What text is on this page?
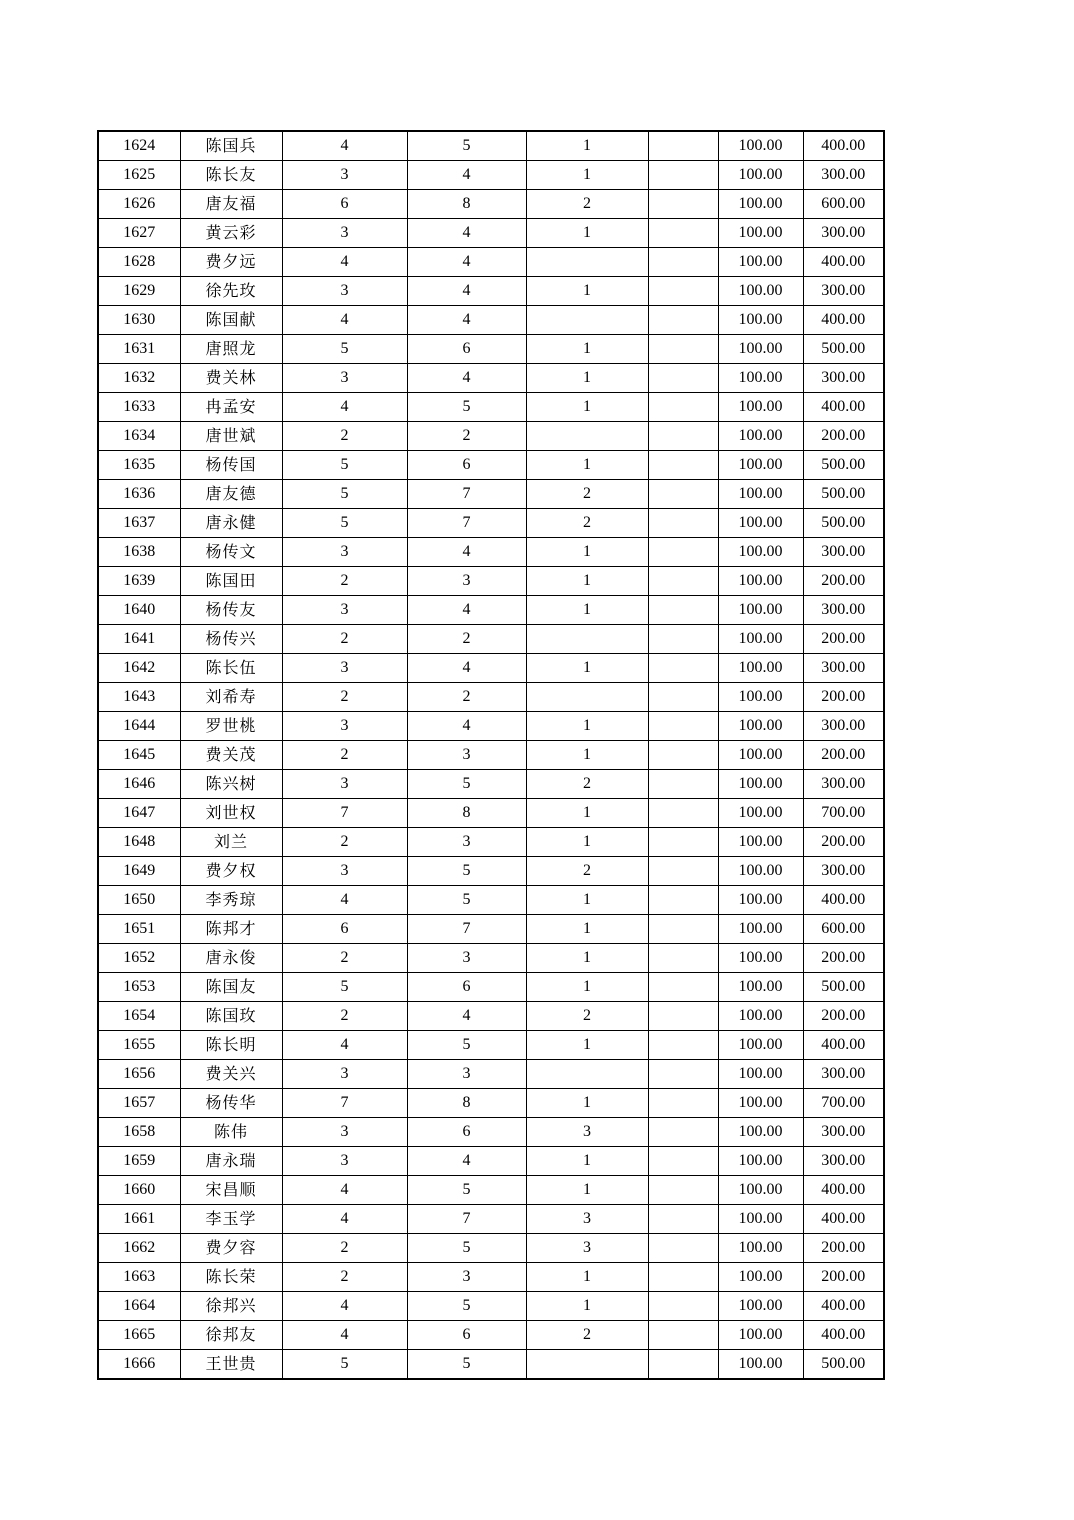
1624	陈国兵	4	5	1		100.00	400.00
1625	陈长友	3	4	1		100.00	300.00
1626	唐友福	6	8	2		100.00	600.00
1627	黄云彩	3	4	1		100.00	300.00
1628	费夕远	4	4			100.00	400.00
1629	徐先玫	3	4	1		100.00	300.00
1630	陈国献	4	4			100.00	400.00
1631	唐照龙	5	6	1		100.00	500.00
1632	费关林	3	4	1		100.00	300.00
1633	冉孟安	4	5	1		100.00	400.00
1634	唐世斌	2	2			100.00	200.00
1635	杨传国	5	6	1		100.00	500.00
1636	唐友德	5	7	2		100.00	500.00
1637	唐永健	5	7	2		100.00	500.00
1638	杨传文	3	4	1		100.00	300.00
1639	陈国田	2	3	1		100.00	200.00
1640	杨传友	3	4	1		100.00	300.00
1641	杨传兴	2	2			100.00	200.00
1642	陈长伍	3	4	1		100.00	300.00
1643	刘希寿	2	2			100.00	200.00
1644	罗世桃	3	4	1		100.00	300.00
1645	费关茂	2	3	1		100.00	200.00
1646	陈兴树	3	5	2		100.00	300.00
1647	刘世权	7	8	1		100.00	700.00
1648	刘兰	2	3	1		100.00	200.00
1649	费夕权	3	5	2		100.00	300.00
1650	李秀琼	4	5	1		100.00	400.00
1651	陈邦才	6	7	1		100.00	600.00
1652	唐永俊	2	3	1		100.00	200.00
1653	陈国友	5	6	1		100.00	500.00
1654	陈国玫	2	4	2		100.00	200.00
1655	陈长明	4	5	1		100.00	400.00
1656	费关兴	3	3			100.00	300.00
1657	杨传华	7	8	1		100.00	700.00
1658	陈伟	3	6	3		100.00	300.00
1659	唐永瑞	3	4	1		100.00	300.00
1660	宋昌顺	4	5	1		100.00	400.00
1661	李玉学	4	7	3		100.00	400.00
1662	费夕容	2	5	3		100.00	200.00
1663	陈长荣	2	3	1		100.00	200.00
1664	徐邦兴	4	5	1		100.00	400.00
1665	徐邦友	4	6	2		100.00	400.00
1666	王世贵	5	5			100.00	500.00
